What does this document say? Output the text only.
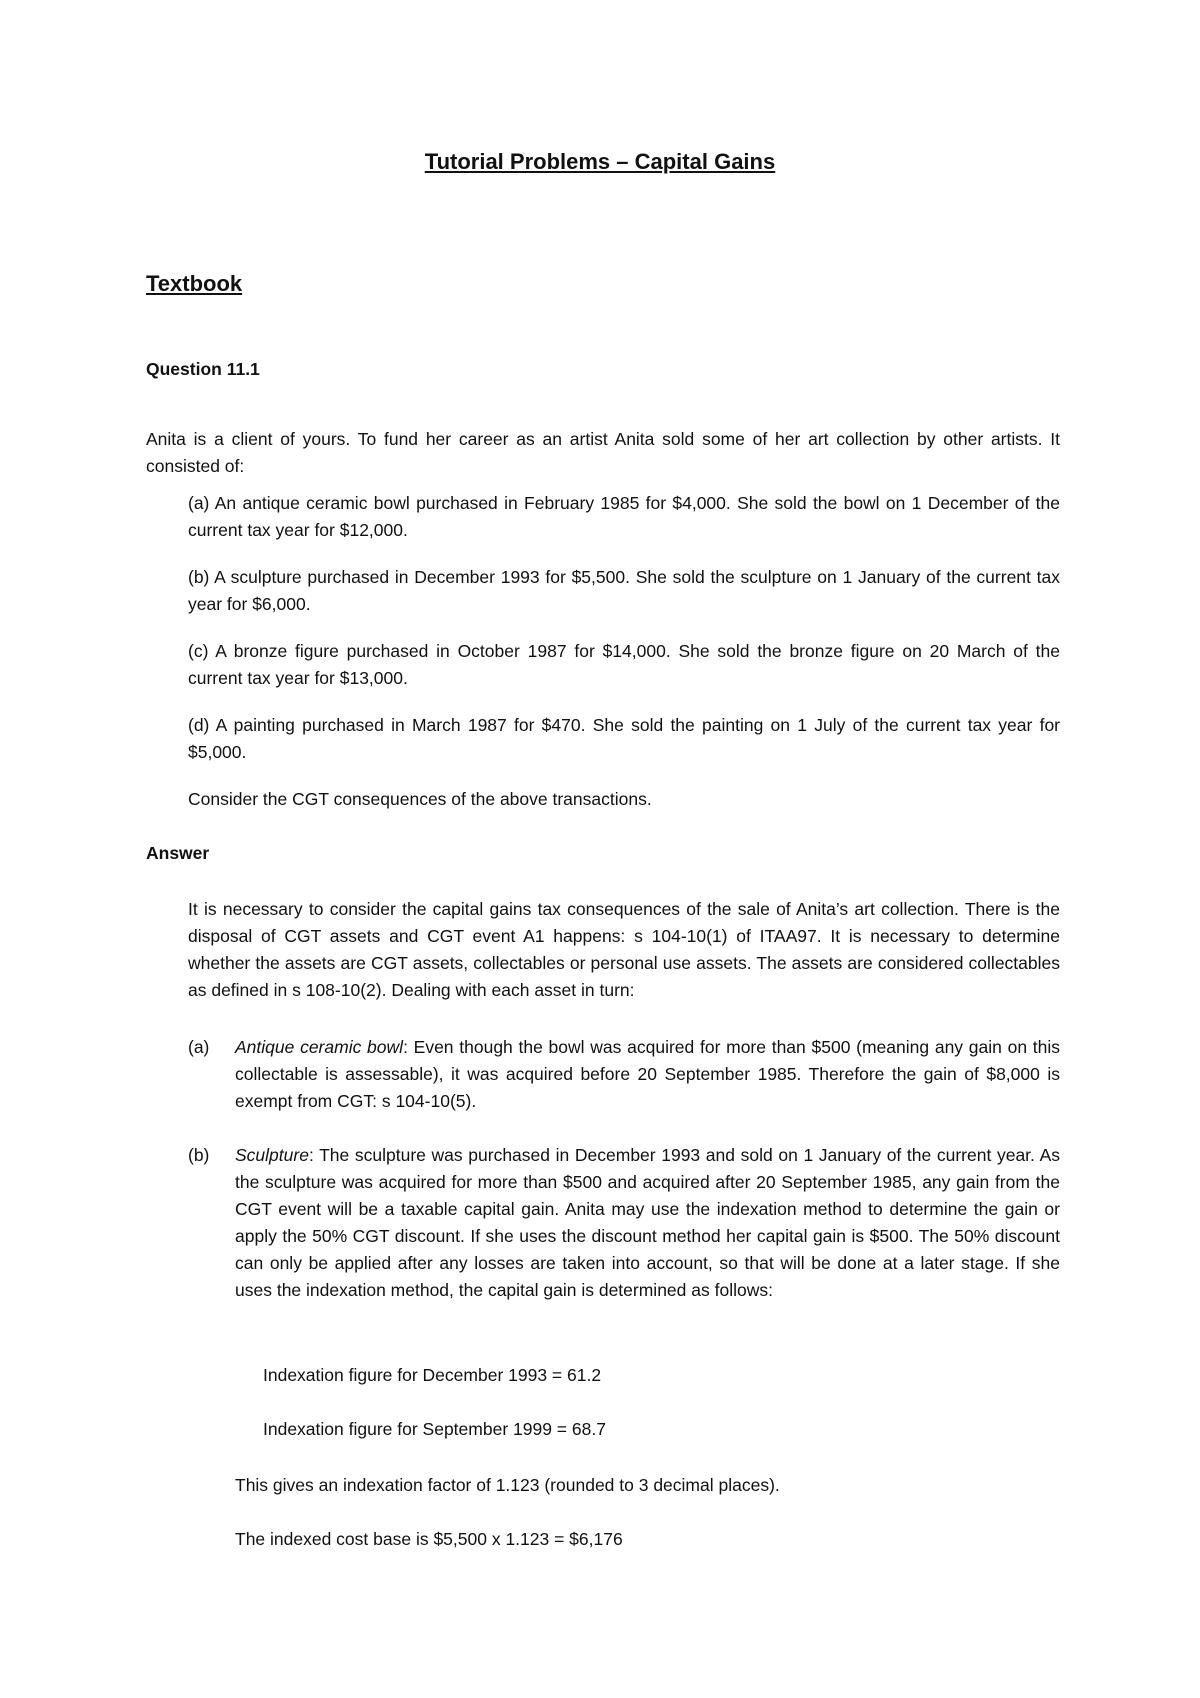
Tutorial Problems – Capital Gains
Textbook

Question 11.1

Anita is a client of yours. To fund her career as an artist Anita sold some of her art collection by other artists. It consisted of:

(a) An antique ceramic bowl purchased in February 1985 for $4,000. She sold the bowl on 1 December of the current tax year for $12,000.

(b) A sculpture purchased in December 1993 for $5,500. She sold the sculpture on 1 January of the current tax year for $6,000.

(c) A bronze figure purchased in October 1987 for $14,000. She sold the bronze figure on 20 March of the current tax year for $13,000.

(d) A painting purchased in March 1987 for $470. She sold the painting on 1 July of the current tax year for $5,000.

Consider the CGT consequences of the above transactions.

Answer

It is necessary to consider the capital gains tax consequences of the sale of Anita’s art collection. There is the disposal of CGT assets and CGT event A1 happens: s 104-10(1) of ITAA97. It is necessary to determine whether the assets are CGT assets, collectables or personal use assets. The assets are considered collectables as defined in s 108-10(2). Dealing with each asset in turn:

(a) Antique ceramic bowl: Even though the bowl was acquired for more than $500 (meaning any gain on this collectable is assessable), it was acquired before 20 September 1985. Therefore the gain of $8,000 is exempt from CGT: s 104-10(5).
(b) Sculpture: The sculpture was purchased in December 1993 and sold on 1 January of the current year. As the sculpture was acquired for more than $500 and acquired after 20 September 1985, any gain from the CGT event will be a taxable capital gain. Anita may use the indexation method to determine the gain or apply the 50% CGT discount. If she uses the discount method her capital gain is $500. The 50% discount can only be applied after any losses are taken into account, so that will be done at a later stage. If she uses the indexation method, the capital gain is determined as follows:

Indexation figure for December 1993 = 61.2

Indexation figure for September 1999 = 68.7

This gives an indexation factor of 1.123 (rounded to 3 decimal places).

The indexed cost base is $5,500 x 1.123 = $6,176
